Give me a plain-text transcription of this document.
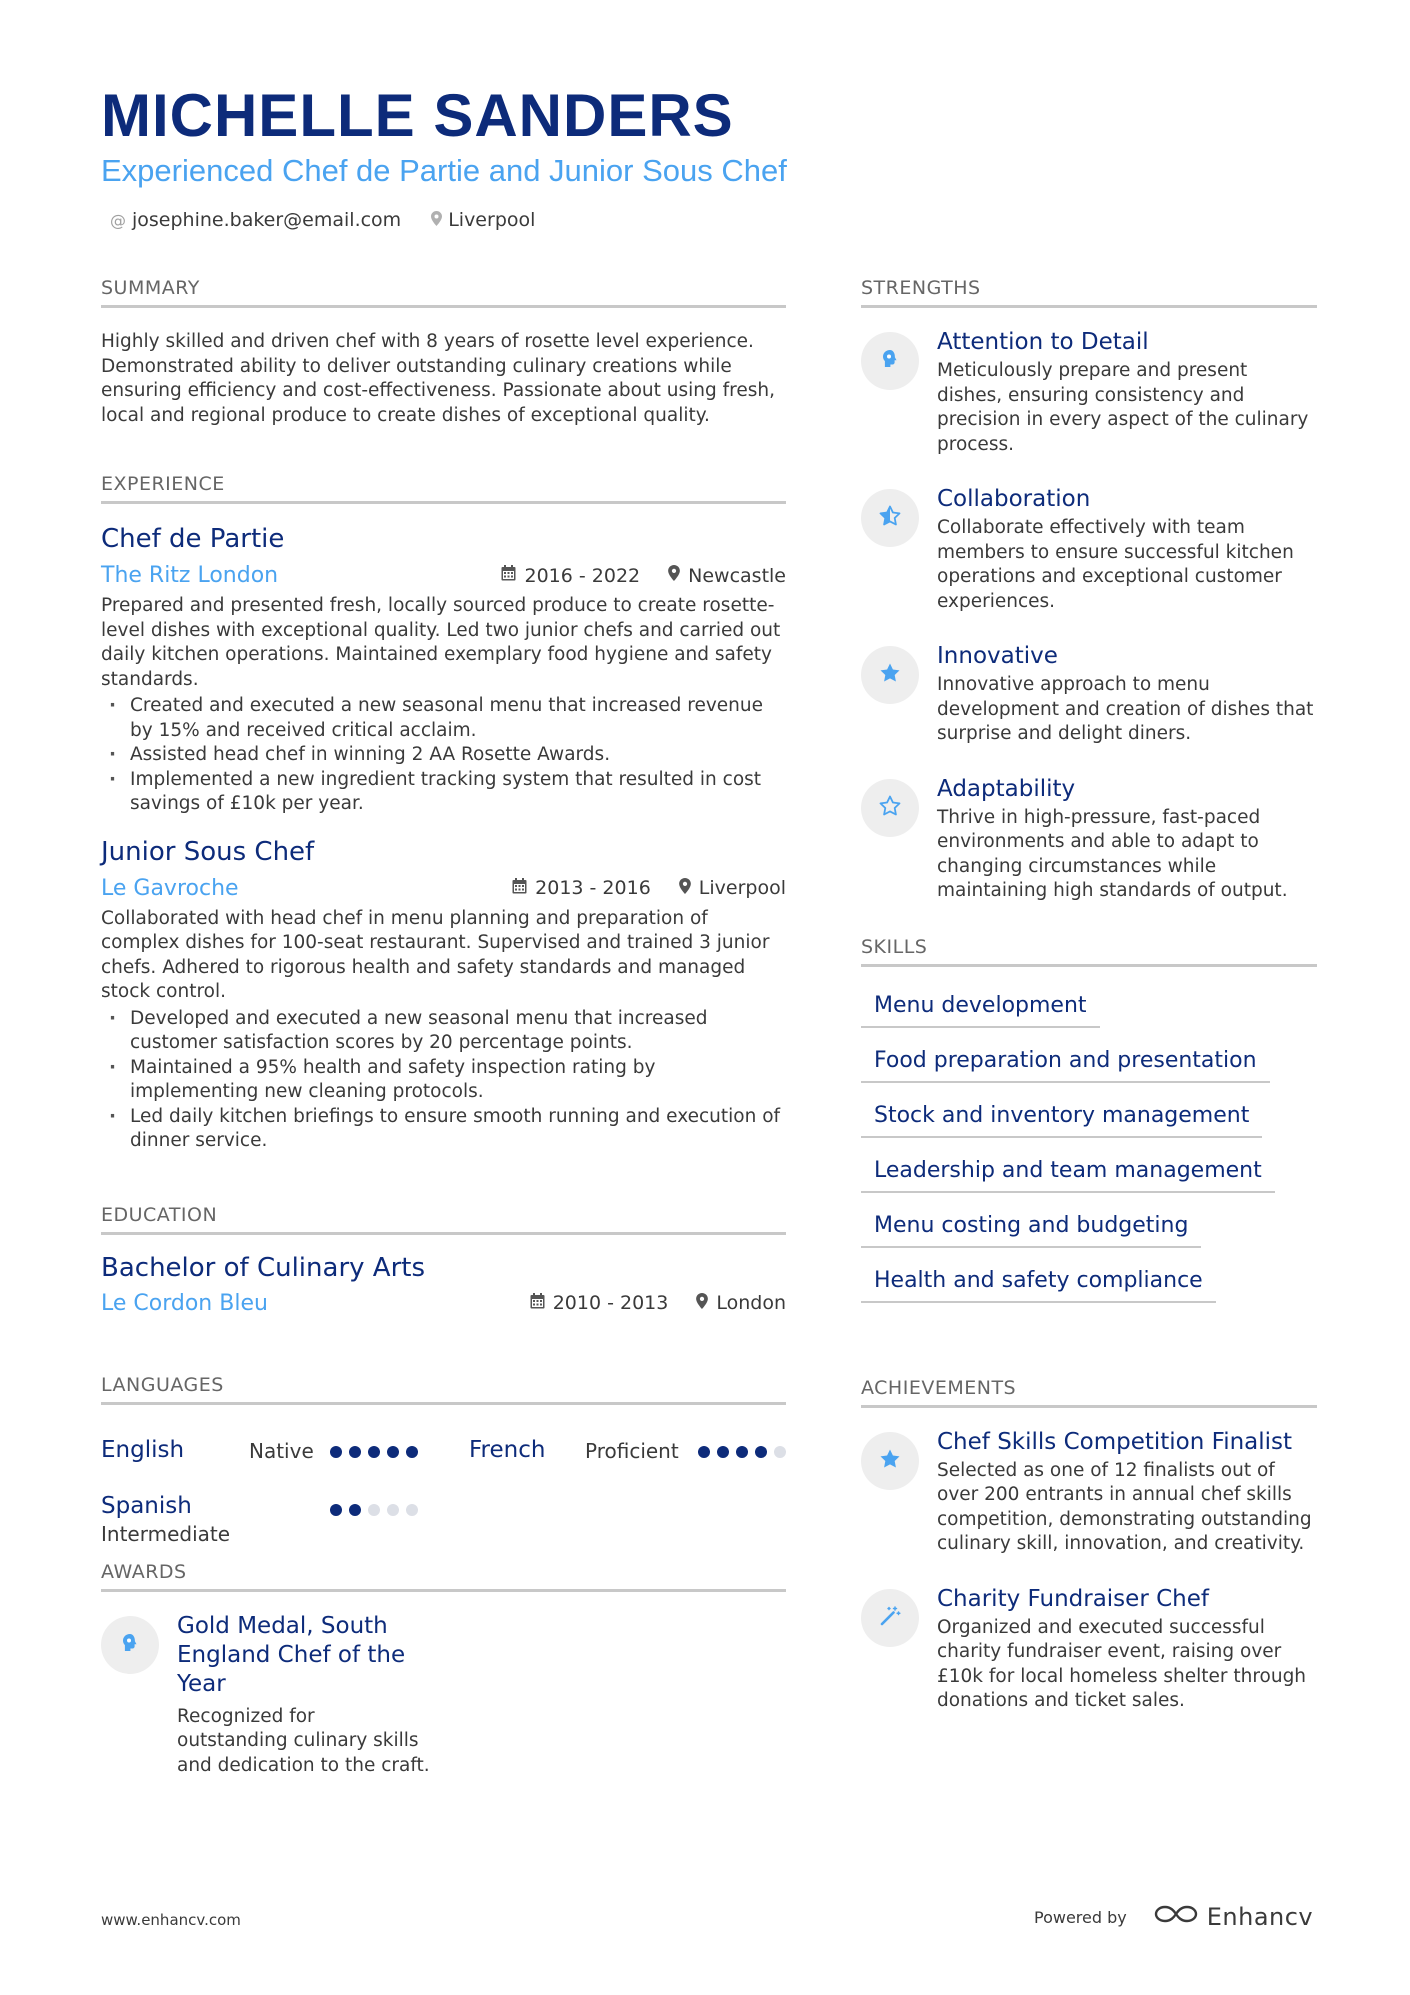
MICHELLE SANDERS
Experienced Chef de Partie and Junior Sous Chef
@ josephine.baker@email.com Liverpool
SUMMARY

Highly skilled and driven chef with 8 years of rosette level experience. Demonstrated ability to deliver outstanding culinary creations while ensuring efficiency and cost-effectiveness. Passionate about using fresh, local and regional produce to create dishes of exceptional quality.

EXPERIENCE
Chef de Partie
The Ritz London	2016 - 2022	Newcastle

Prepared and presented fresh, locally sourced produce to create rosette-level dishes with exceptional quality. Led two junior chefs and carried out daily kitchen operations. Maintained exemplary food hygiene and safety standards.

· Created and executed a new seasonal menu that increased revenue by 15% and received critical acclaim.
· Assisted head chef in winning 2 AA Rosette Awards.
· Implemented a new ingredient tracking system that resulted in cost savings of £10k per year.
Junior Sous Chef
Le Gavroche	2013 - 2016	Liverpool

Collaborated with head chef in menu planning and preparation of complex dishes for 100-seat restaurant. Supervised and trained 3 junior chefs. Adhered to rigorous health and safety standards and managed stock control.

· Developed and executed a new seasonal menu that increased customer satisfaction scores by 20 percentage points.
· Maintained a 95% health and safety inspection rating by implementing new cleaning protocols.
· Led daily kitchen briefings to ensure smooth running and execution of dinner service.
EDUCATION
Bachelor of Culinary Arts
Le Cordon Bleu	2010 - 2013	London
LANGUAGES
English	Native	French Proficient
Spanish
Intermediate
AWARDS
Gold Medal, South England Chef of the Year
Recognized for outstanding culinary skills and dedication to the craft.
STRENGTHS
Attention to Detail
Meticulously prepare and present dishes, ensuring consistency and precision in every aspect of the culinary process.
Collaboration
Collaborate effectively with team members to ensure successful kitchen operations and exceptional customer experiences.
Innovative
Innovative approach to menu development and creation of dishes that surprise and delight diners.
Adaptability
Thrive in high-pressure, fast-paced environments and able to adapt to changing circumstances while maintaining high standards of output.
SKILLS
Menu development
Food preparation and presentation
Stock and inventory management
Leadership and team management
Menu costing and budgeting
Health and safety compliance
ACHIEVEMENTS
Chef Skills Competition Finalist
Selected as one of 12 finalists out of over 200 entrants in annual chef skills competition, demonstrating outstanding culinary skill, innovation, and creativity.
Charity Fundraiser Chef
Organized and executed successful charity fundraiser event, raising over £10k for local homeless shelter through donations and ticket sales.
www.enhancv.com	Powered by	Enhancv
